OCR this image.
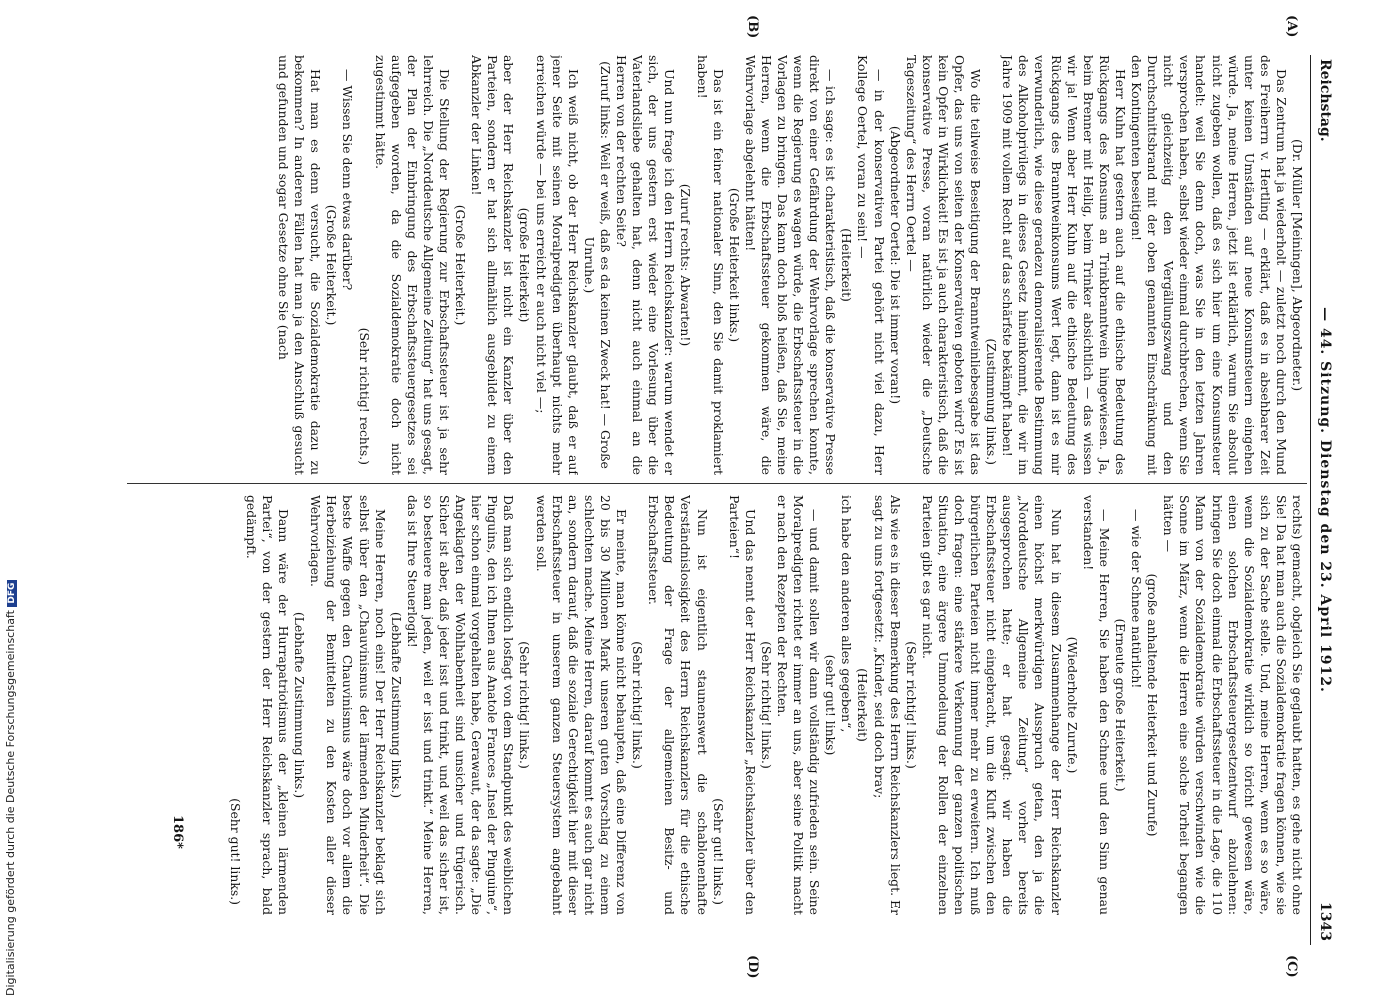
Digitalisierung gefördert durch die Deutsche Forschungsgemeinschaft DFG
Reichstag.
— 44. Sitzung. Dienstag den 23. April 1912.
1343
(A)
(B)
(C)
(D)

(Dr. Müller [Meiningen], Abgeordneter.)

Das Zentrum hat ja wiederholt — zuletzt noch durch den Mund des Freiherrn v. Hertling — erklärt, daß es in absehbarer Zeit unter keinen Umständen auf neue Konsumsteuern eingehen würde. Ja, meine Herren, jetzt ist erklärlich, warum Sie absolut nicht zugeben wollen, daß es sich hier um eine Konsumsteuer handelt: weil Sie denn doch, was Sie in den letzten Jahren versprochen haben, selbst wieder einmal durchbrechen, wenn Sie nicht gleichzeitig den Vergällungszwang und den Durchschnittsbrand mit der oben genannten Einschränkung mit den Kontingenten beseitigen!

Herr Kuhn hat gestern auch auf die ethische Bedeutung des Rückgangs des Konsums an Trinkbranntwein hingewiesen. Ja, beim Brenner mit Heilig, beim Trinker absichtlich — das wissen wir ja! Wenn aber Herr Kuhn auf die ethische Bedeutung des Rückgangs des Branntweinkonsums Wert legt, dann ist es mir verwunderlich, wie diese geradezu demoralisierende Bestimmung des Alkoholprivilegs in dieses Gesetz hineinkommt, die wir im Jahre 1909 mit vollem Recht auf das schärfste bekämpft haben!

(Zustimmung links.)

Wo die teilweise Beseitigung der Branntweinliebesgabe ist das Opfer, das uns von seiten der Konservativen geboten wird? Es ist kein Opfer in Wirklichkeit! Es ist ja auch charakteristisch, daß die konservative Presse, voran natürlich wieder die „Deutsche Tageszeitung“ des Herrn Oertel —

(Abgeordneter Oertel: Die ist immer voran!)

— in der konservativen Partei gehört nicht viel dazu, Herr Kollege Oertel, voran zu sein! —

(Heiterkeit)

— ich sage: es ist charakteristisch, daß die konservative Presse direkt von einer Gefährdung der Wehrvorlage sprechen konnte, wenn die Regierung es wagen würde, die Erbschaftssteuer in die Vorlagen zu bringen. Das kann doch bloß heißen, daß Sie, meine Herren, wenn die Erbschaftssteuer gekommen wäre, die Wehrvorlage abgelehnt hätten!

(Große Heiterkeit links.)

Das ist ein feiner nationaler Sinn, den Sie damit proklamiert haben!

(Zuruf rechts: Abwarten!)

Und nun frage ich den Herrn Reichskanzler: warum wendet er sich, der uns gestern erst wieder eine Vorlesung über die Vaterlandsliebe gehalten hat, denn nicht auch einmal an die Herren von der rechten Seite?

(Zuruf links: Weil er weiß, daß es da keinen Zweck hat! — Große Unruhe.)

Ich weiß nicht, ob der Herr Reichskanzler glaubt, daß er auf jener Seite mit seinen Moralpredigten überhaupt nichts mehr erreichen würde — bei uns erreicht er auch nicht viel —;

(große Heiterkeit)

aber der Herr Reichskanzler ist nicht ein Kanzler über den Parteien, sondern er hat sich allmählich ausgebildet zu einem Abkanzler der Linken!

(Große Heiterkeit.)

Die Stellung der Regierung zur Erbschaftssteuer ist ja sehr lehrreich. Die „Norddeutsche Allgemeine Zeitung“ hat uns gesagt, der Plan der Einbringung des Erbschaftssteuergesetzes sei aufgegeben worden, da die Sozialdemokratie doch nicht zugestimmt hätte.

(Sehr richtig! rechts.)

— Wissen Sie denn etwas darüber?

(Große Heiterkeit.)

Hat man es denn versucht, die Sozialdemokratie dazu zu bekommen? In anderen Fällen hat man ja den Anschluß gesucht und gefunden und sogar Gesetze ohne Sie (nach

rechts) gemacht, obgleich Sie geglaubt hatten, es gehe nicht ohne Sie! Da hat man auch die Sozialdemokratie fragen können, wie sie sich zu der Sache stelle. Und, meine Herren, wenn es so wäre, wenn die Sozialdemokratie wirklich so töricht gewesen wäre, einen solchen Erbschaftssteuergesetzentwurf abzulehnen: bringen Sie doch einmal die Erbschaftssteuer in die Lage, die 110 Mann von der Sozialdemokratie würden verschwinden wie die Sonne im März, wenn die Herren eine solche Torheit begangen hätten —

(große anhaltende Heiterkeit und Zurufe)

— wie der Schnee natürlich!

(Erneute große Heiterkeit.)

— Meine Herren, Sie haben den Schnee und den Sinn genau verstanden!

(Wiederholte Zurufe.)

Nun hat in diesem Zusammenhange der Herr Reichskanzler einen höchst merkwürdigen Ausspruch getan, den ja die „Norddeutsche Allgemeine Zeitung“ vorher bereits ausgesprochen hatte; er hat gesagt: wir haben die Erbschaftssteuer nicht eingebracht, um die Kluft zwischen den bürgerlichen Parteien nicht immer mehr zu erweitern. Ich muß doch fragen: eine stärkere Verkennung der ganzen politischen Situation, eine ärgere Ummodelung der Rollen der einzelnen Parteien gibt es gar nicht.

(Sehr richtig! links.)

Als wie es in dieser Bemerkung des Herrn Reichskanzlers liegt. Er sagt zu uns fortgesetzt: „Kinder, seid doch brav;

(Heiterkeit)

ich habe den anderen alles gegeben“,

(sehr gut! links)

— und damit sollen wir dann vollständig zufrieden sein. Seine Moralpredigten richtet er immer an uns, aber seine Politik macht er nach den Rezepten der Rechten.

(Sehr richtig! links.)

Und das nennt der Herr Reichskanzler „Reichskanzler über den Parteien“!

(Sehr gut! links.)

Nun ist eigentlich staunenswert die schablonenhafte Verständnislosigkeit des Herrn Reichskanzlers für die ethische Bedeutung der Frage der allgemeinen Besitz- und Erbschaftssteuer.

(Sehr richtig! links.)

Er meinte, man könne nicht behaupten, daß eine Differenz von 20 bis 30 Millionen Mark unseren guten Vorschlag zu einem schlechten mache. Meine Herren, darauf kommt es auch gar nicht an, sondern darauf, daß die soziale Gerechtigkeit hier mit dieser Erbschaftssteuer in unserem ganzen Steuersystem angebahnt werden soll.

(Sehr richtig! links.)

Daß man sich endlich losfagt von dem Standpunkt des weiblichen Pinguins, den ich Ihnen aus Anatole Frances „Insel der Pinguine“, hier schon einmal vorgehalten habe, Gerawaut, der da sagte: „Die Angeklagten der Wohlhabenheit sind unsicher und trügerisch. Sicher ist aber, daß jeder isst und trinkt, und weil das sicher ist, so besteuere man jeden, weil er isst und trinkt.“ Meine Herren, das ist Ihre Steuerlogik!

(Lebhafte Zustimmung links.)

Meine Herren, noch eins! Der Herr Reichskanzler beklagt sich selbst über den „Chauvinismus der lärmenden Minderheit“. Die beste Waffe gegen den Chauvinismus wäre doch vor allem die Herbeiziehung der Bemittelten zu den Kosten aller dieser Wehrvorlagen.

(Lebhafte Zustimmung links.)

Dann wäre der Hurrapatriotismus der „kleinen lärmenden Partei“, von der gestern der Herr Reichskanzler sprach, bald gedämpft.

(Sehr gut! links.)

186*
